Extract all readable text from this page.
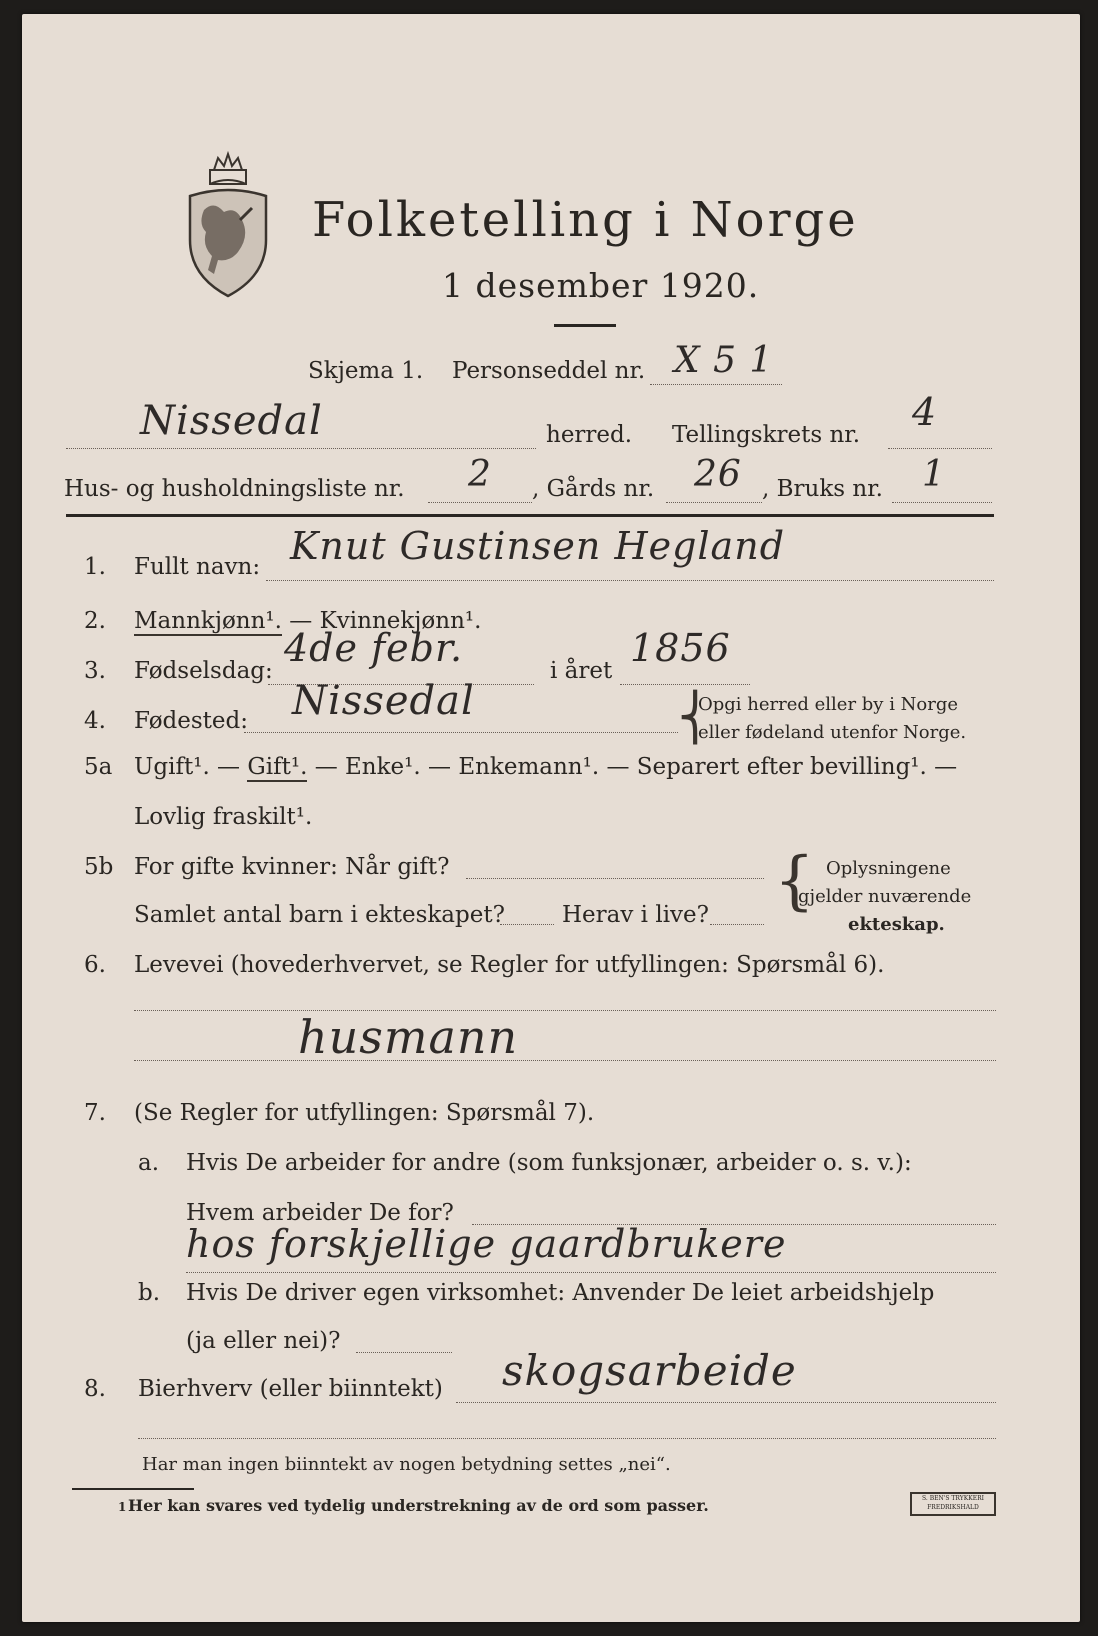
Folketelling i Norge
1 desember 1920.
Skjema 1. Personseddel nr. X 5 1
Nissedal	herred. Tellingskrets nr.
4
Hus- og husholdningsliste nr. 2 , Gårds nr. 26 , Bruks nr. 1
1. Fullt navn: Knut Gustinsen Hegland
2. Mannkjønn¹. — Kvinnekjønn¹.
3. Fødselsdag:
4de febr.
i året
1856
4. Fødested: Nissedal	⎨
Opgi herred eller by i Norge
eller fødeland utenfor Norge.
5a Ugift¹. — Gift¹. — Enke¹. — Enkemann¹. — Separert efter bevilling¹. —
Lovlig fraskilt¹.
5b For gifte kvinner: Når gift?
Samlet antal barn i ekteskapet? Herav i live? { Oplysningene
gjelder nuværende
ekteskap.
6. Levevei (hovederhvervet, se Regler for utfyllingen: Spørsmål 6).
husmann
7. (Se Regler for utfyllingen: Spørsmål 7).
a. Hvis De arbeider for andre (som funksjonær, arbeider o. s. v.):
Hvem arbeider De for?
hos forskjellige gaardbrukere
b. Hvis De driver egen virksomhet: Anvender De leiet arbeidshjelp
(ja eller nei)?
8. Bierhverv (eller biinntekt) skogsarbeide
Har man ingen biinntekt av nogen betydning settes „nei“.
1 Her kan svares ved tydelig understrekning av de ord som passer.	S. BEN'S TRYKKERI FREDRIKSHALD
